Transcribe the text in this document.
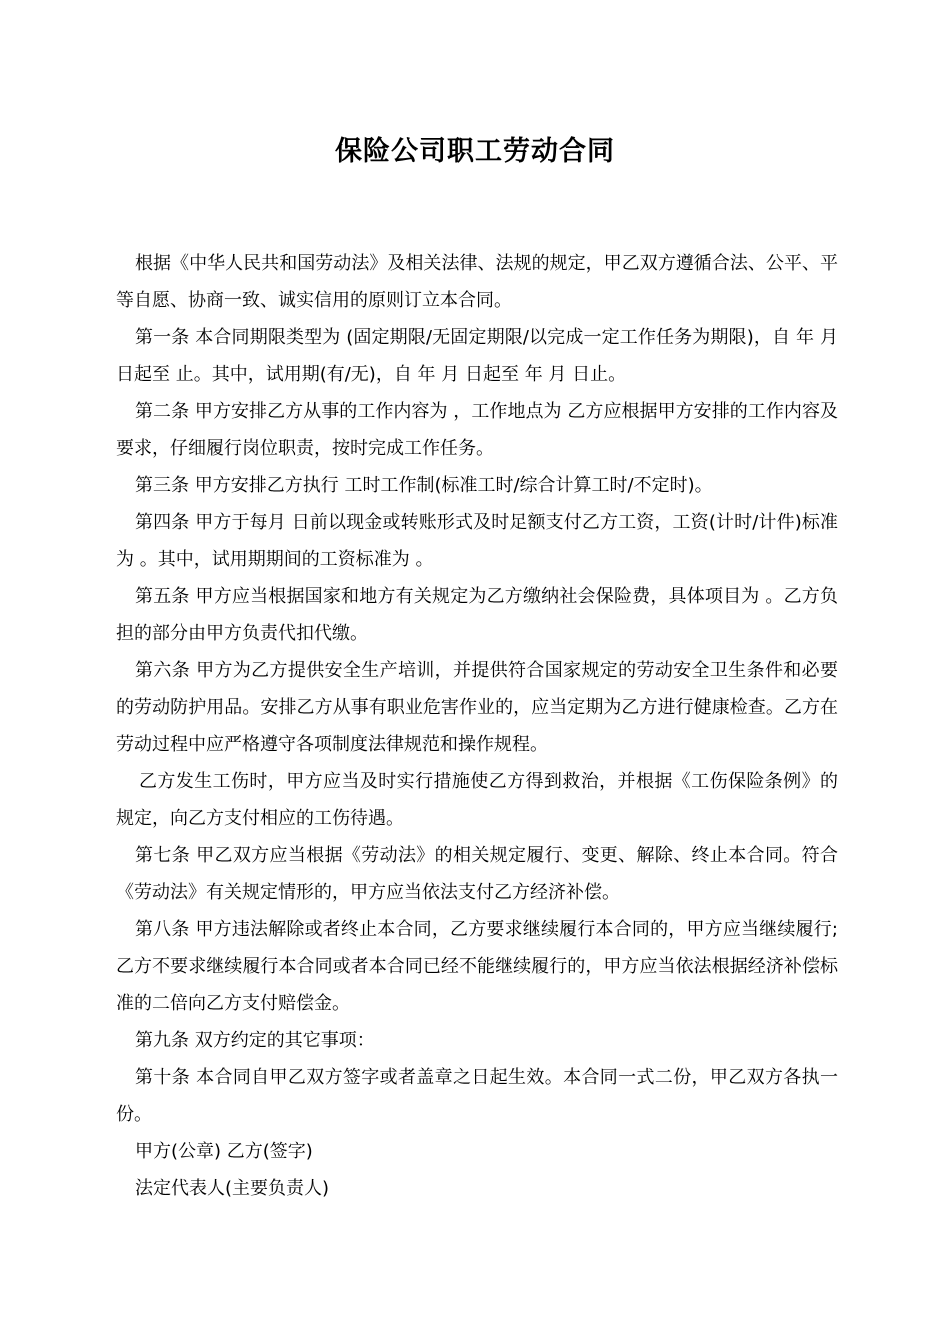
保险公司职工劳动合同

根据《中华人民共和国劳动法》及相关法律、法规的规定，甲乙双方遵循合法、公平、平等自愿、协商一致、诚实信用的原则订立本合同。

第一条 本合同期限类型为 (固定期限/无固定期限/以完成一定工作任务为期限)，自 年 月 日起至 止。其中，试用期(有/无)，自 年 月 日起至 年 月 日止。

第二条 甲方安排乙方从事的工作内容为 ，工作地点为 乙方应根据甲方安排的工作内容及要求，仔细履行岗位职责，按时完成工作任务。

第三条 甲方安排乙方执行 工时工作制(标准工时/综合计算工时/不定时)。

第四条 甲方于每月 日前以现金或转账形式及时足额支付乙方工资，工资(计时/计件)标准为 。其中，试用期期间的工资标准为 。

第五条 甲方应当根据国家和地方有关规定为乙方缴纳社会保险费，具体项目为 。乙方负担的部分由甲方负责代扣代缴。

第六条 甲方为乙方提供安全生产培训，并提供符合国家规定的劳动安全卫生条件和必要的劳动防护用品。安排乙方从事有职业危害作业的，应当定期为乙方进行健康检查。乙方在劳动过程中应严格遵守各项制度法律规范和操作规程。

乙方发生工伤时，甲方应当及时实行措施使乙方得到救治，并根据《工伤保险条例》的规定，向乙方支付相应的工伤待遇。

第七条 甲乙双方应当根据《劳动法》的相关规定履行、变更、解除、终止本合同。符合《劳动法》有关规定情形的，甲方应当依法支付乙方经济补偿。

第八条 甲方违法解除或者终止本合同，乙方要求继续履行本合同的，甲方应当继续履行;乙方不要求继续履行本合同或者本合同已经不能继续履行的，甲方应当依法根据经济补偿标准的二倍向乙方支付赔偿金。

第九条 双方约定的其它事项：

第十条 本合同自甲乙双方签字或者盖章之日起生效。本合同一式二份，甲乙双方各执一份。

甲方(公章) 乙方(签字)

法定代表人(主要负责人)
